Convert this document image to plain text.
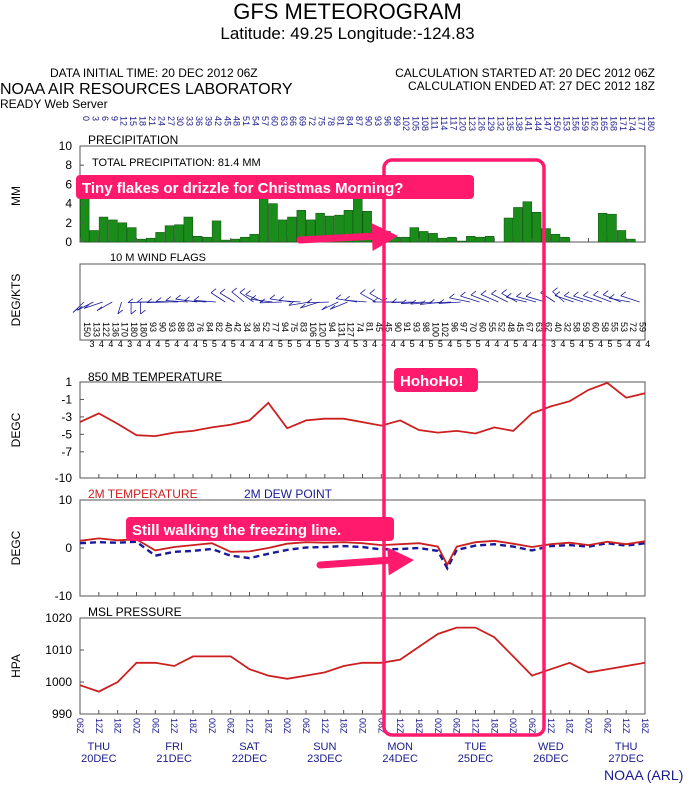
GFS METEOROGRAM
Latitude: 49.25 Longitude:-124.83
DATA INITIAL TIME: 20 DEC 2012 06Z
NOAA AIR RESOURCES LABORATORY
READY Web Server
CALCULATION STARTED AT: 20 DEC 2012 06Z
CALCULATION ENDED AT: 27 DEC 2012 18Z
NOAA (ARL)
0 3 6 9 12 15 18 21 24 27 30 33 36 39 42 45 48 51 54 57 60 63 66 69 72 75 78 81 84 87 90 93 96 99 102 105 108 111 114 117 120 123 126 129 132 135 138 141 144 147 150 153 156 159 162 165 168 171 174 177 180
PRECIPITATION
0
2
4
6
8
10
MM
TOTAL PRECIPITATION: 81.4 MM
10 M WIND FLAGS
DEG/KTS
150
3
133
4
122
4
136
4
170
3
180
4
180
4
93
4
90
5
93
4
88
4
83
4
76
5
84
5
82
4
40
5
42
4
34
4
38
4
52
4
77
5
94
5
75
5
83
4
106
5
120
5
94
3
131
4
127
5
74
3
81
4
45
4
45
4
90
4
91
5
93
4
98
5
100
5
102
4
96
5
97
5
70
5
60
4
55
4
52
4
48
5
45
4
67
4
63
4
62
3
40
4
32
5
58
4
59
5
60
4
58
5
55
5
53
4
72
4
59
4
850 MB TEMPERATURE
1
-1
-3
-5
-7
-10
DEGC
2M TEMPERATURE	2M DEW POINT
10
0
-10
DEGC
MSL PRESSURE
1020
1010
1000
990
HPA
06Z 12Z 18Z 00Z 06Z 12Z 18Z 00Z 06Z 12Z 18Z 00Z 06Z 12Z 18Z 00Z 06Z 12Z 18Z 00Z 06Z 12Z 18Z 00Z 06Z 12Z 18Z 00Z 06Z 12Z 18Z
THU
20DEC
FRI
21DEC
SAT
22DEC
SUN
23DEC
MON
24DEC
TUE
25DEC
WED
26DEC
THU
27DEC
Tiny flakes or drizzle for Christmas Morning?
HohoHo!
Still walking the freezing line.
